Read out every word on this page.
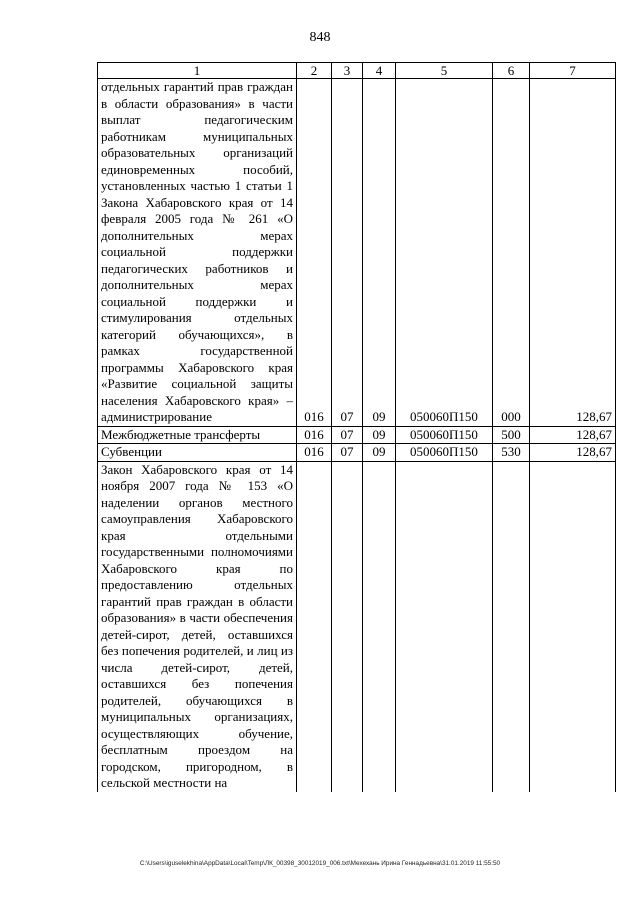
848
1	2	3	4	5	6	7
отдельных гарантий прав граждан в области образования» в части выплат педагогическим работникам муниципальных образовательных организаций единовременных пособий, установленных частью 1 статьи 1 Закона Хабаровского края от 14 февраля 2005 года № 261 «О дополнительных мерах социальной поддержки педагогических работников и дополнительных мерах социальной поддержки и стимулирования отдельных категорий обучающихся», в рамках государственной программы Хабаровского края «Развитие социальной защиты населения Хабаровского края» – администрирование	016	07	09	050060П150	000	128,67
Межбюджетные трансферты	016	07	09	050060П150	500	128,67
Субвенции	016	07	09	050060П150	530	128,67
Закон Хабаровского края от 14 ноября 2007 года № 153 «О наделении органов местного самоуправления Хабаровского края отдельными государственными полномочиями Хабаровского края по предоставлению отдельных гарантий прав граждан в области образования» в части обеспечения детей-сирот, детей, оставшихся без попечения родителей, и лиц из числа детей-сирот, детей, оставшихся без попечения родителей, обучающихся в муниципальных организациях, осуществляющих обучение, бесплатным проездом на городском, пригородном, в сельской местности на						
C:\Users\iguselekhina\AppData\Local\Temp\ЛК_00398_30012019_006.txt\Мехехань Ирина Геннадьевна\31.01.2019 11:55:50
